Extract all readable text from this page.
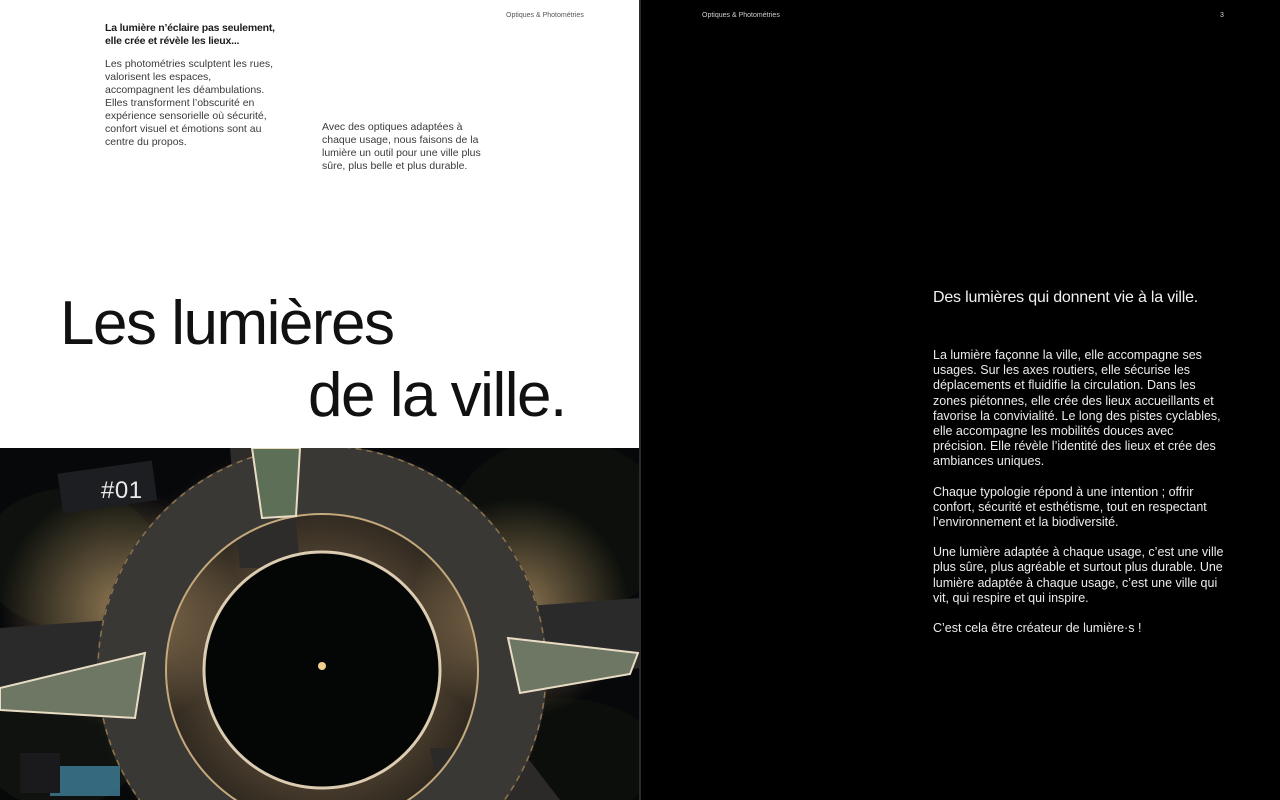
La lumière n’éclaire pas seulement, elle crée et révèle les lieux...
Les photométries sculptent les rues, valorisent les espaces, accompagnent les déambulations. Elles transforment l’obscurité en expérience sensorielle où sécurité, confort visuel et émotions sont au centre du propos.
Avec des optiques adaptées à chaque usage, nous faisons de la lumière un outil pour une ville plus sûre, plus belle et plus durable.
Optiques & Photométries
Les lumières
de la ville.
#01
Optiques & Photométries	3
Des lumières qui donnent vie à la ville.

La lumière façonne la ville, elle accompagne ses usages. Sur les axes routiers, elle sécurise les déplacements et fluidifie la circulation. Dans les zones piétonnes, elle crée des lieux accueillants et favorise la convivialité. Le long des pistes cyclables, elle accompagne les mobilités douces avec précision. Elle révèle l’identité des lieux et crée des ambiances uniques.

Chaque typologie répond à une intention ; offrir confort, sécurité et esthétisme, tout en respectant l’environnement et la biodiversité.

Une lumière adaptée à chaque usage, c’est une ville plus sûre, plus agréable et surtout plus durable. Une lumière adaptée à chaque usage, c’est une ville qui vit, qui respire et qui inspire.

C’est cela être créateur de lumière·s !
